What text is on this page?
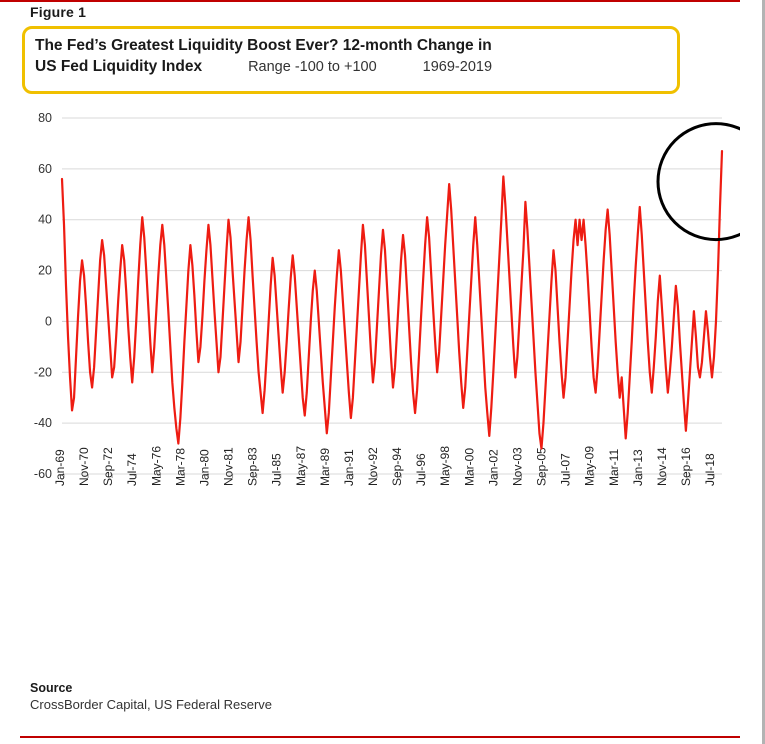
Figure 1
The Fed’s Greatest Liquidity Boost Ever? 12-month Change in
US Fed Liquidity Index	Range -100 to +100	1969-2019
-60
-40
-20
0
20
40
60
80
Jan-69 Nov-70 Sep-72 Jul-74 May-76 Mar-78 Jan-80 Nov-81 Sep-83 Jul-85 May-87 Mar-89 Jan-91 Nov-92 Sep-94 Jul-96 May-98 Mar-00 Jan-02 Nov-03 Sep-05 Jul-07 May-09 Mar-11 Jan-13 Nov-14 Sep-16 Jul-18
Source
CrossBorder Capital, US Federal Reserve
